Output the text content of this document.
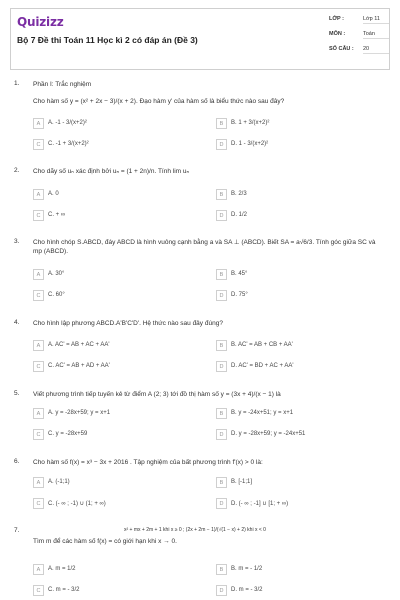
Quizizz
Bộ 7 Đề thi Toán 11 Học kì 2 có đáp án (Đề 3)
LỚP :	Lớp 11
MÔN :	Toán
SỐ CÂU : 20
1. Phần I: Trắc nghiệm
Cho hàm số y = (x² + 2x − 3)/(x + 2). Đạo hàm y' của hàm số là biểu thức nào sau đây?
A	A. -1 - 3/(x+2)²	B	B. 1 + 3/(x+2)²
C	C. -1 + 3/(x+2)²	D	D. 1 - 3/(x+2)²
2. Cho dãy số uₙ xác định bởi uₙ = (1 + 2n)/n. Tính lim uₙ
A	A. 0	B	B. 2/3
C	C. + ∞	D	D. 1/2
3. Cho hình chóp S.ABCD, đáy ABCD là hình vuông cạnh bằng a và SA ⊥ (ABCD). Biết SA = a√6/3. Tính góc giữa SC và mp (ABCD).
A	A. 30°	B	B. 45°
C	C. 60°	D	D. 75°
4. Cho hình lập phương ABCD.A'B'C'D'. Hệ thức nào sau đây đúng?
A	A. AC' = AB + AC + AA'	B	B. AC' = AB + CB + AA'
C	C. AC' = AB + AD + AA'	D	D. AC' = BD + AC + AA'
5. Viết phương trình tiếp tuyến kẻ từ điểm A (2; 3) tới đồ thị hàm số y = (3x + 4)/(x − 1) là
A	A. y = -28x+59; y = x+1	B	B. y = -24x+51; y = x+1
C	C. y = -28x+59	D	D. y = -28x+59; y = -24x+51
6. Cho hàm số f(x) = x³ − 3x + 2016 . Tập nghiệm của bất phương trình f'(x) > 0 là:
A	A. (-1;1)	B	B. [-1;1]
C	C. (- ∞ ; -1) ∪ (1; + ∞)	D	D. (- ∞ ; -1] ∪ [1; + ∞)
7.	x² + mx + 2m + 1 khi x ≥ 0 ; (2x + 2m − 1)/(√(1 − x) + 2) khi x < 0
Tìm m để các hàm số f(x) = có giới hạn khi x → 0.
A	A. m = 1/2	B	B. m = - 1/2
C	C. m = - 3/2	D	D. m = - 3/2
